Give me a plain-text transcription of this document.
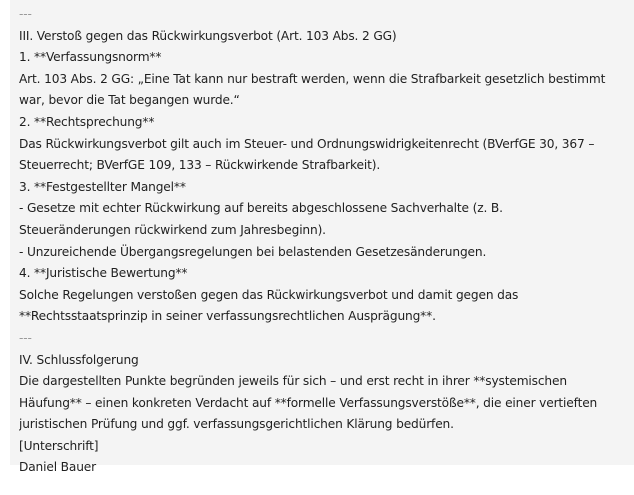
---
III. Verstoß gegen das Rückwirkungsverbot (Art. 103 Abs. 2 GG)
1. **Verfassungsnorm**
Art. 103 Abs. 2 GG: „Eine Tat kann nur bestraft werden, wenn die Strafbarkeit gesetzlich bestimmt
war, bevor die Tat begangen wurde.“
2. **Rechtsprechung**
Das Rückwirkungsverbot gilt auch im Steuer- und Ordnungswidrigkeitenrecht (BVerfGE 30, 367 –
Steuerrecht; BVerfGE 109, 133 – Rückwirkende Strafbarkeit).
3. **Festgestellter Mangel**
- Gesetze mit echter Rückwirkung auf bereits abgeschlossene Sachverhalte (z. B.
Steueränderungen rückwirkend zum Jahresbeginn).
- Unzureichende Übergangsregelungen bei belastenden Gesetzesänderungen.
4. **Juristische Bewertung**
Solche Regelungen verstoßen gegen das Rückwirkungsverbot und damit gegen das
**Rechtsstaatsprinzip in seiner verfassungsrechtlichen Ausprägung**.
---
IV. Schlussfolgerung
Die dargestellten Punkte begründen jeweils für sich – und erst recht in ihrer **systemischen
Häufung** – einen konkreten Verdacht auf **formelle Verfassungsverstöße**, die einer vertieften
juristischen Prüfung und ggf. verfassungsgerichtlichen Klärung bedürfen.
[Unterschrift]
Daniel Bauer
